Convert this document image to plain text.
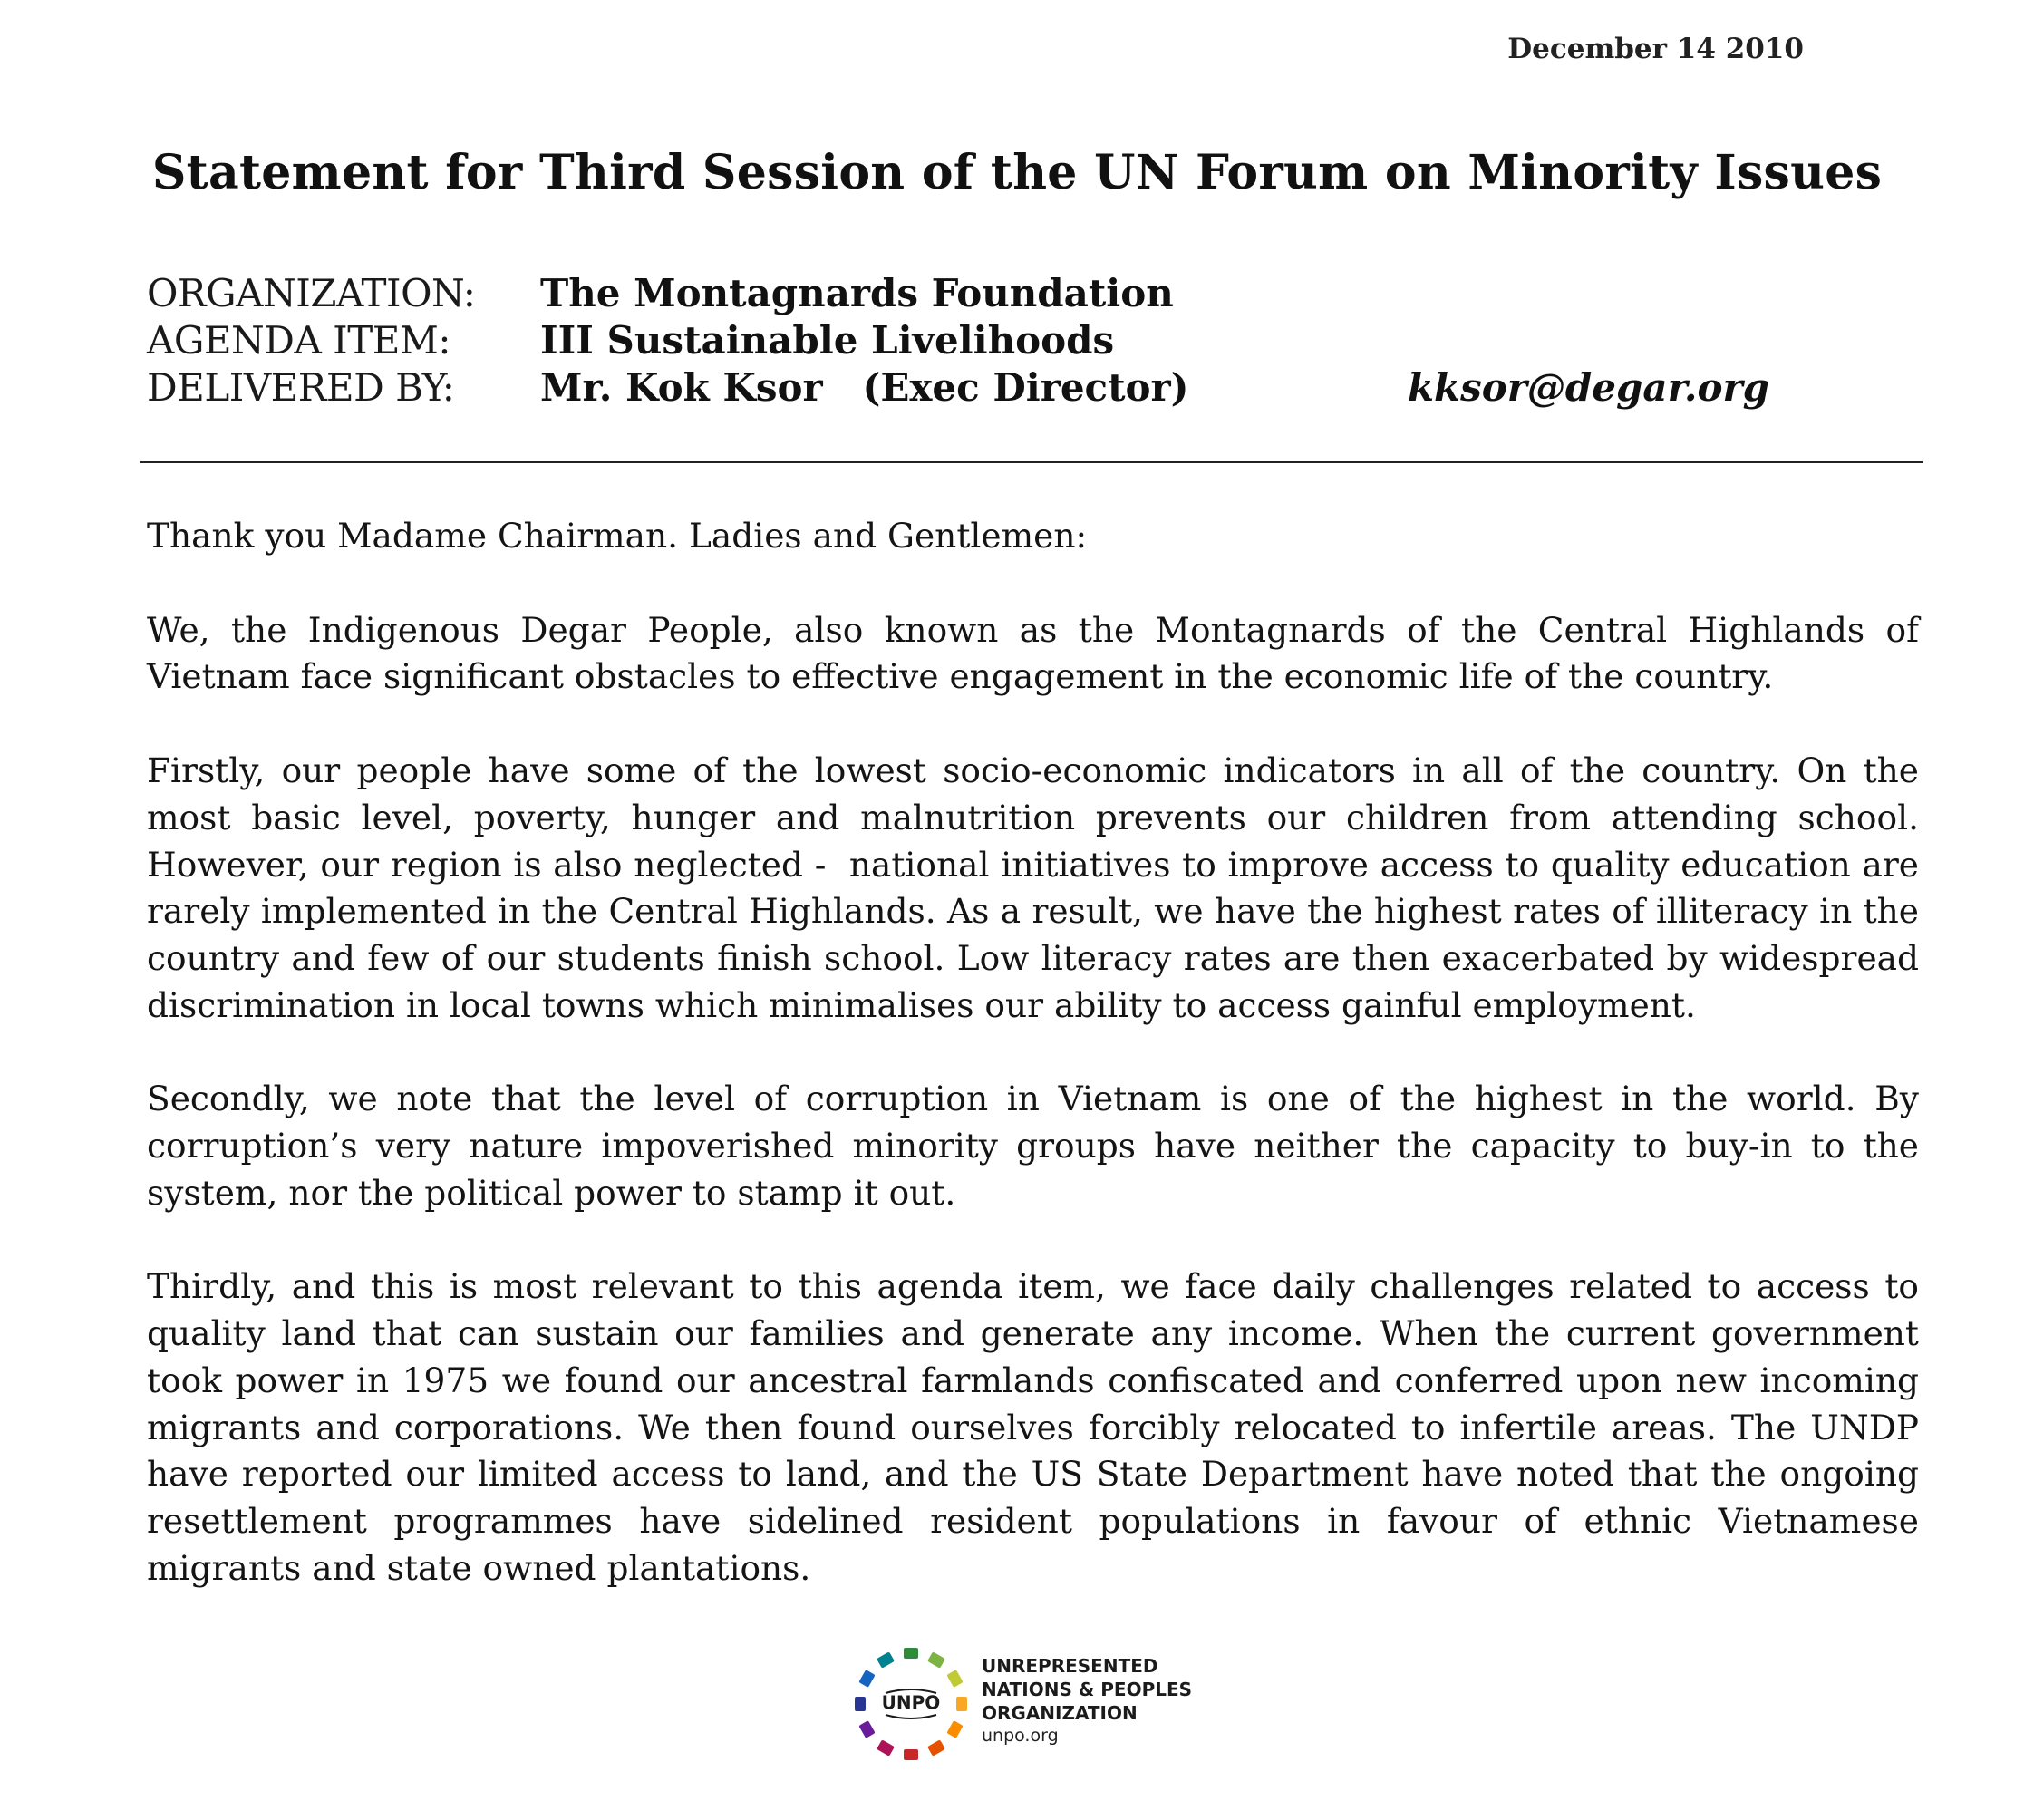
December 14 2010
Statement for Third Session of the UN Forum on Minority Issues
ORGANIZATION: The Montagnards Foundation
AGENDA ITEM: III Sustainable Livelihoods
DELIVERED BY: Mr. Kok Ksor   (Exec Director)	kksor@degar.org

Thank you Madame Chairman. Ladies and Gentlemen:

We, the Indigenous Degar People, also known as the Montagnards of the Central Highlands of Vietnam face significant obstacles to effective engagement in the economic life of the country.

Firstly, our people have some of the lowest socio-economic indicators in all of the country. On the most basic level, poverty, hunger and malnutrition prevents our children from attending school. However, our region is also neglected -  national initiatives to improve access to quality education are rarely implemented in the Central Highlands. As a result, we have the highest rates of illiteracy in the country and few of our students finish school. Low literacy rates are then exacerbated by widespread discrimination in local towns which minimalises our ability to access gainful employment.

Secondly, we note that the level of corruption in Vietnam is one of the highest in the world. By corruption’s very nature impoverished minority groups have neither the capacity to buy-in to the system, nor the political power to stamp it out.

Thirdly, and this is most relevant to this agenda item, we face daily challenges related to access to quality land that can sustain our families and generate any income. When the current government took power in 1975 we found our ancestral farmlands confiscated and conferred upon new incoming migrants and corporations. We then found ourselves forcibly relocated to infertile areas. The UNDP have reported our limited access to land, and the US State Department have noted that the ongoing resettlement programmes have sidelined resident populations in favour of ethnic Vietnamese migrants and state owned plantations.

UNPO
UNREPRESENTED
NATIONS & PEOPLES
ORGANIZATION
unpo.org
